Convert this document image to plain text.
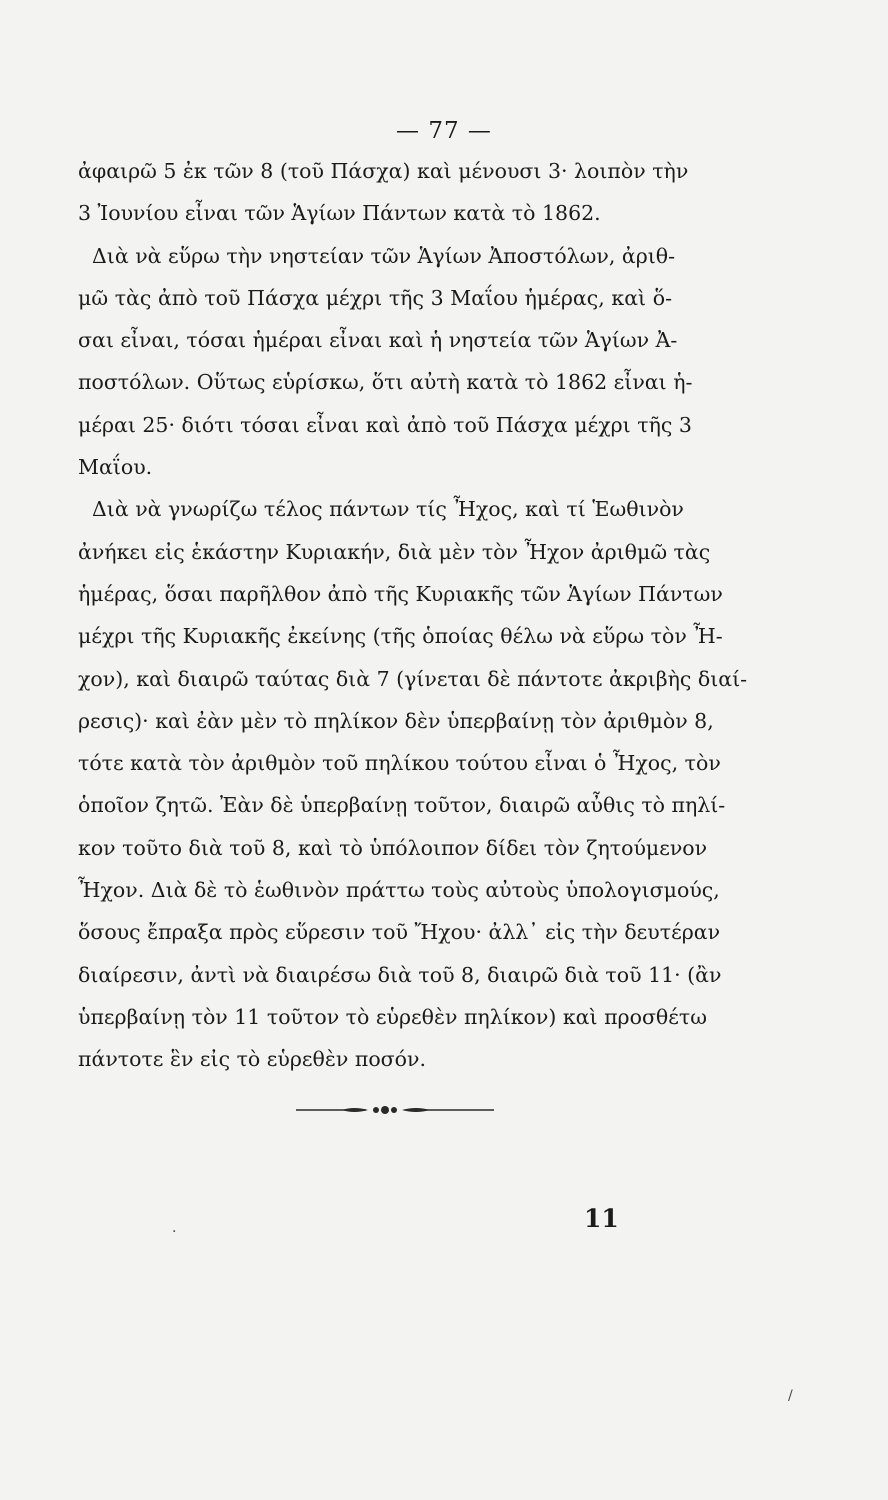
— 77 —
ἀφαιρῶ 5 ἐκ τῶν 8 (τοῦ Πάσχα) καὶ μένουσι 3· λοιπὸν τὴν
3 Ἰουνίου εἶναι τῶν Ἁγίων Πάντων κατὰ τὸ 1862.
Διὰ νὰ εὕρω τὴν νηστείαν τῶν Ἁγίων Ἀποστόλων, ἀριθ-
μῶ τὰς ἀπὸ τοῦ Πάσχα μέχρι τῆς 3 Μαΐου ἡμέρας, καὶ ὅ-
σαι εἶναι, τόσαι ἡμέραι εἶναι καὶ ἡ νηστεία τῶν Ἁγίων Ἀ-
ποστόλων. Οὕτως εὑρίσκω, ὅτι αὐτὴ κατὰ τὸ 1862 εἶναι ἡ-
μέραι 25· διότι τόσαι εἶναι καὶ ἀπὸ τοῦ Πάσχα μέχρι τῆς 3
Μαΐου.
Διὰ νὰ γνωρίζω τέλος πάντων τίς Ἦχος, καὶ τί Ἑωθινὸν
ἀνήκει εἰς ἑκάστην Κυριακήν, διὰ μὲν τὸν Ἦχον ἀριθμῶ τὰς
ἡμέρας, ὅσαι παρῆλθον ἀπὸ τῆς Κυριακῆς τῶν Ἁγίων Πάντων
μέχρι τῆς Κυριακῆς ἐκείνης (τῆς ὁποίας θέλω νὰ εὕρω τὸν Ἦ-
χον), καὶ διαιρῶ ταύτας διὰ 7 (γίνεται δὲ πάντοτε ἀκριβὴς διαί-
ρεσις)· καὶ ἐὰν μὲν τὸ πηλίκον δὲν ὑπερβαίνῃ τὸν ἀριθμὸν 8,
τότε κατὰ τὸν ἀριθμὸν τοῦ πηλίκου τούτου εἶναι ὁ Ἦχος, τὸν
ὁποῖον ζητῶ. Ἐὰν δὲ ὑπερβαίνῃ τοῦτον, διαιρῶ αὖθις τὸ πηλί-
κον τοῦτο διὰ τοῦ 8, καὶ τὸ ὑπόλοιπον δίδει τὸν ζητούμενον
Ἦχον. Διὰ δὲ τὸ ἑωθινὸν πράττω τοὺς αὐτοὺς ὑπολογισμούς,
ὅσους ἔπραξα πρὸς εὕρεσιν τοῦ Ἤχου· ἀλλ᾽ εἰς τὴν δευτέραν
διαίρεσιν, ἀντὶ νὰ διαιρέσω διὰ τοῦ 8, διαιρῶ διὰ τοῦ 11· (ἂν
ὑπερβαίνῃ τὸν 11 τοῦτον τὸ εὑρεθὲν πηλίκον) καὶ προσθέτω
πάντοτε ἓν εἰς τὸ εὑρεθὲν ποσόν.
11
.
/
